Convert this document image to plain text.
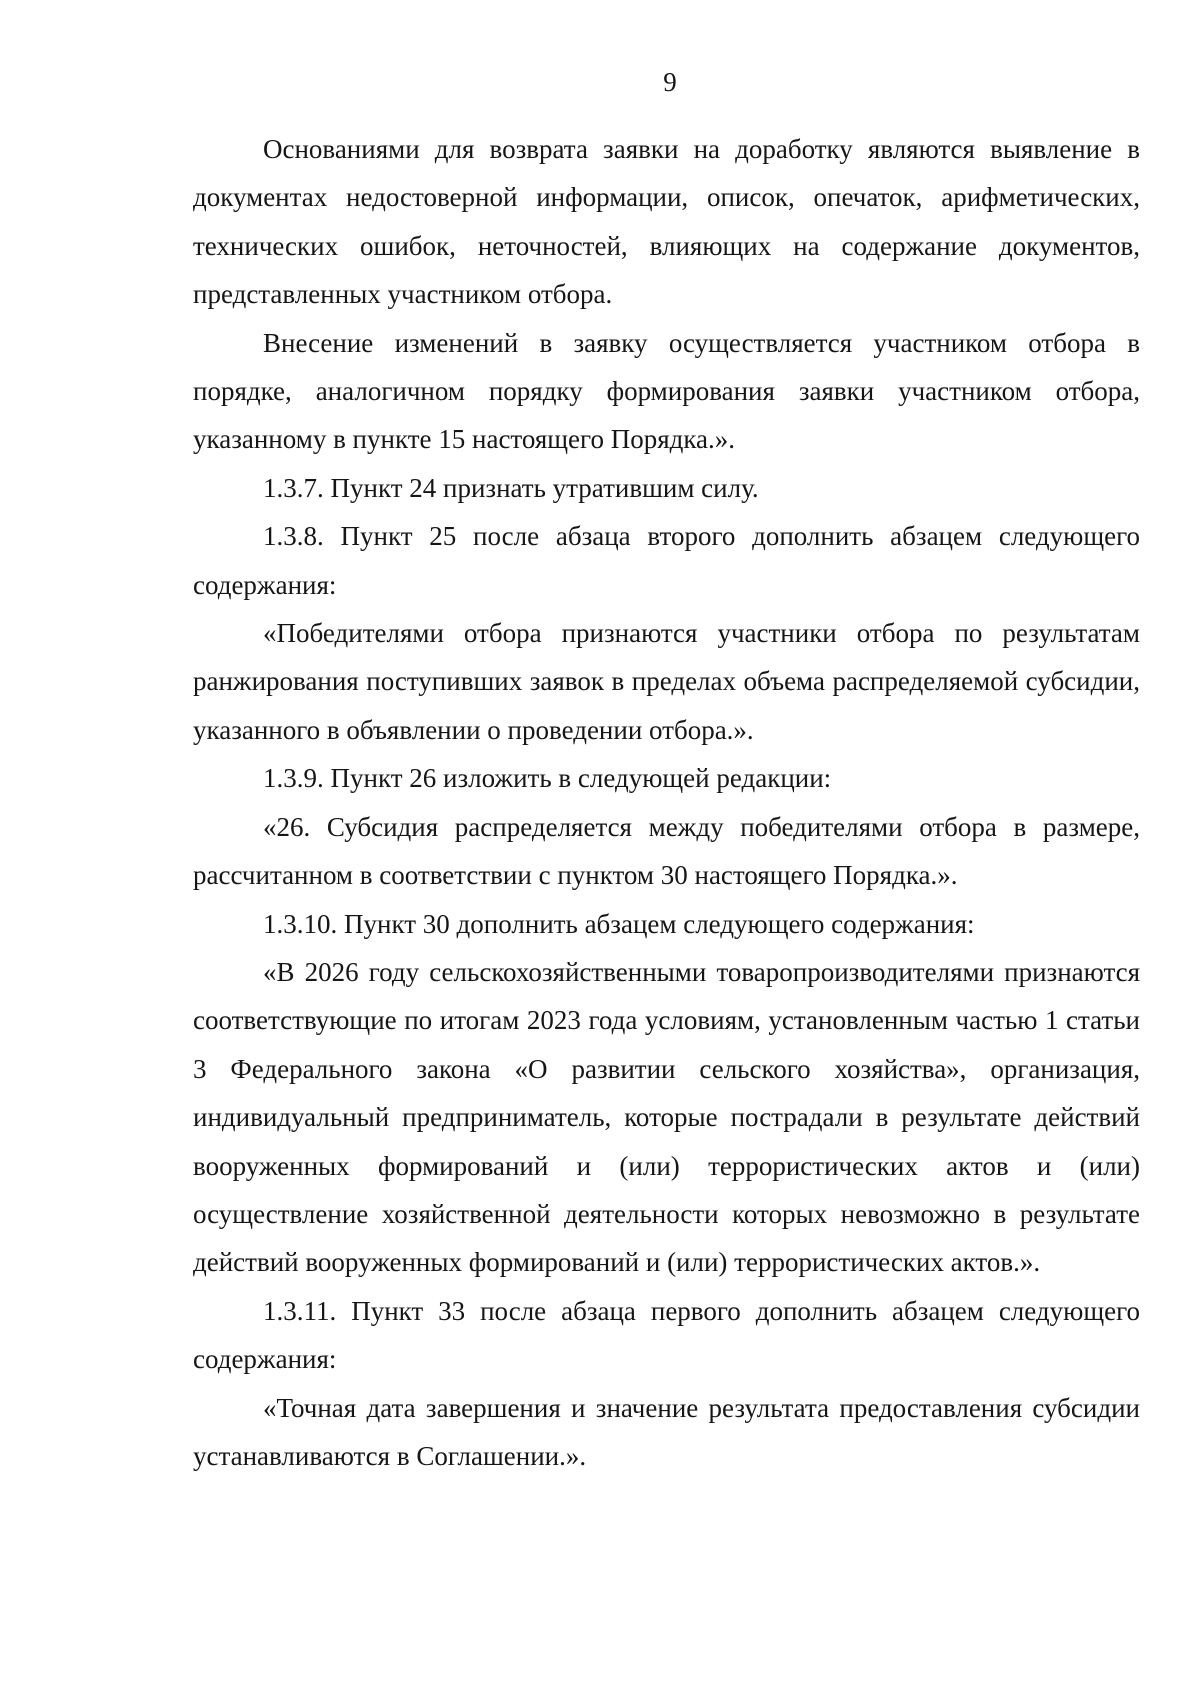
9

Основаниями для возврата заявки на доработку являются выявление в документах недостоверной информации, описок, опечаток, арифметических, технических ошибок, неточностей, влияющих на содержание документов, представленных участником отбора.

Внесение изменений в заявку осуществляется участником отбора в порядке, аналогичном порядку формирования заявки участником отбора, указанному в пункте 15 настоящего Порядка.».

1.3.7. Пункт 24 признать утратившим силу.

1.3.8. Пункт 25 после абзаца второго дополнить абзацем следующего содержания:

«Победителями отбора признаются участники отбора по результатам ранжирования поступивших заявок в пределах объема распределяемой субсидии, указанного в объявлении о проведении отбора.».

1.3.9. Пункт 26 изложить в следующей редакции:

«26. Субсидия распределяется между победителями отбора в размере, рассчитанном в соответствии с пунктом 30 настоящего Порядка.».

1.3.10. Пункт 30 дополнить абзацем следующего содержания:

«В 2026 году сельскохозяйственными товаропроизводителями признаются соответствующие по итогам 2023 года условиям, установленным частью 1 статьи 3 Федерального закона «О развитии сельского хозяйства», организация, индивидуальный предприниматель, которые пострадали в результате действий вооруженных формирований и (или) террористических актов и (или) осуществление хозяйственной деятельности которых невозможно в результате действий вооруженных формирований и (или) террористических актов.».

1.3.11. Пункт 33 после абзаца первого дополнить абзацем следующего содержания:

«Точная дата завершения и значение результата предоставления субсидии устанавливаются в Соглашении.».
